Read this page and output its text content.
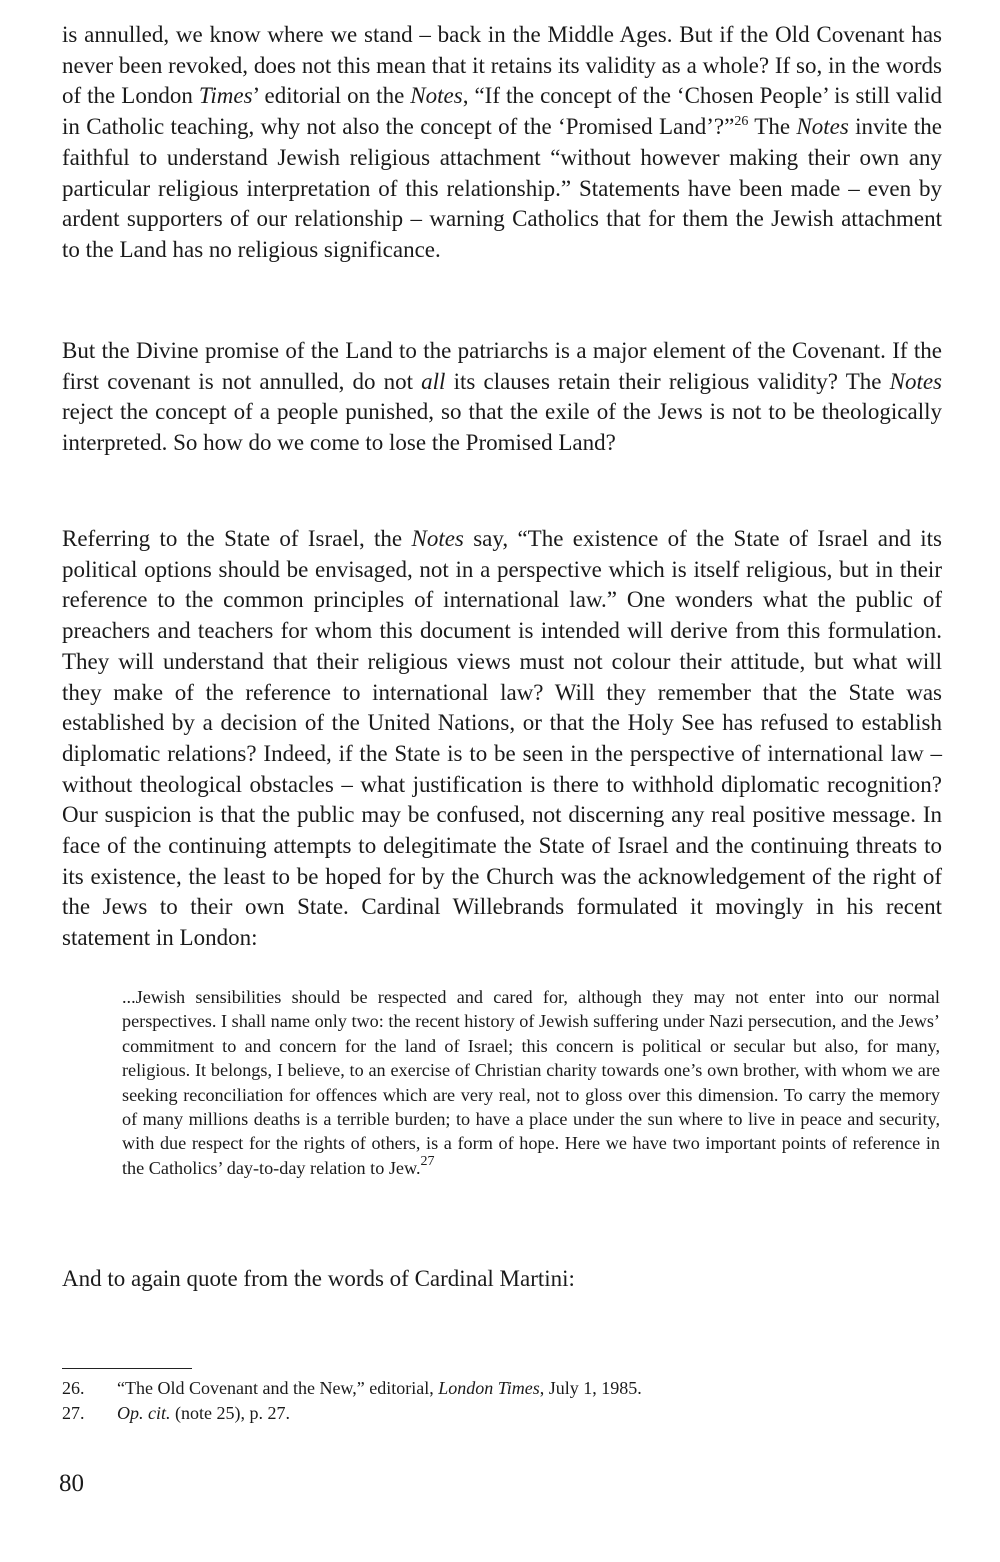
is annulled, we know where we stand – back in the Middle Ages. But if the Old Covenant has never been revoked, does not this mean that it retains its validity as a whole? If so, in the words of the London Times’ editorial on the Notes, “If the concept of the ‘Chosen People’ is still valid in Catholic teaching, why not also the concept of the ‘Promised Land’?”$^{26}$ The Notes invite the faithful to understand Jewish religious attachment “without however making their own any particular religious interpretation of this relationship.” Statements have been made – even by ardent supporters of our relationship – warning Catholics that for them the Jewish attachment to the Land has no religious significance.

But the Divine promise of the Land to the patriarchs is a major element of the Covenant. If the first covenant is not annulled, do not all its clauses retain their religious validity? The Notes reject the concept of a people punished, so that the exile of the Jews is not to be theologically interpreted. So how do we come to lose the Promised Land?

Referring to the State of Israel, the Notes say, “The existence of the State of Israel and its political options should be envisaged, not in a perspective which is itself religious, but in their reference to the common principles of international law.” One wonders what the public of preachers and teachers for whom this document is intended will derive from this formulation. They will understand that their religious views must not colour their attitude, but what will they make of the reference to international law? Will they remember that the State was established by a decision of the United Nations, or that the Holy See has refused to establish diplomatic relations? Indeed, if the State is to be seen in the perspective of international law – without theological obstacles – what justification is there to withhold diplomatic recognition? Our suspicion is that the public may be confused, not discerning any real positive message. In face of the continuing attempts to delegitimate the State of Israel and the continuing threats to its existence, the least to be hoped for by the Church was the acknowledgement of the right of the Jews to their own State. Cardinal Willebrands formulated it movingly in his recent statement in London:

...Jewish sensibilities should be respected and cared for, although they may not enter into our normal perspectives. I shall name only two: the recent history of Jewish suffering under Nazi persecution, and the Jews’ commitment to and concern for the land of Israel; this concern is political or secular but also, for many, religious. It belongs, I believe, to an exercise of Christian charity towards one’s own brother, with whom we are seeking reconciliation for offences which are very real, not to gloss over this dimension. To carry the memory of many millions deaths is a terrible burden; to have a place under the sun where to live in peace and security, with due respect for the rights of others, is a form of hope. Here we have two important points of reference in the Catholics’ day-to-day relation to Jew.$^{27}$

And to again quote from the words of Cardinal Martini:

26. “The Old Covenant and the New,” editorial, London Times, July 1, 1985.
27. Op. cit. (note 25), p. 27.
80
